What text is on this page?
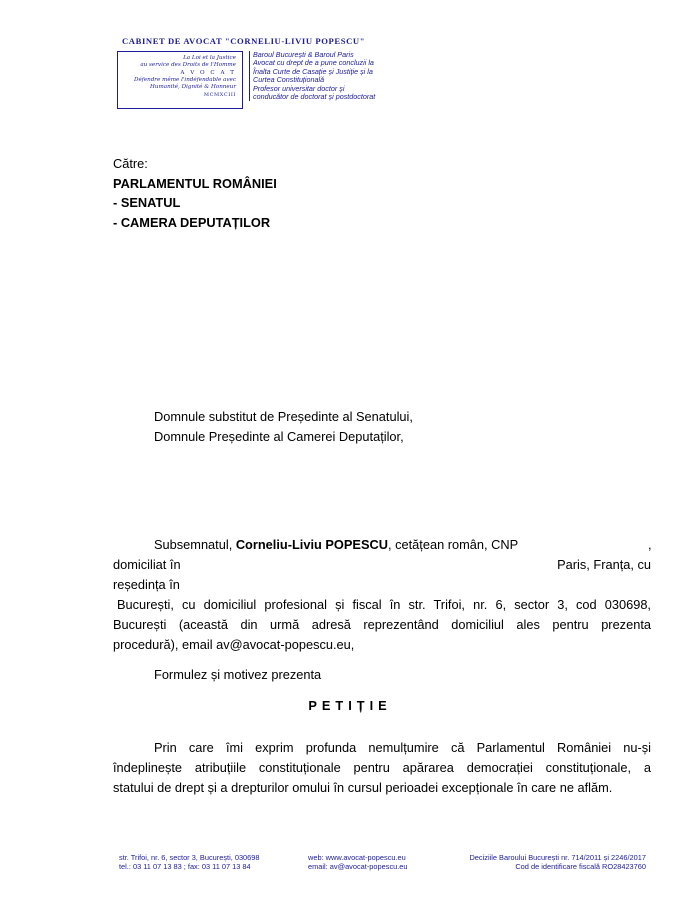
CABINET DE AVOCAT "CORNELIU-LIVIU POPESCU"
La Loi et la Justice
au service des Droits de l'Homme
A V O C A T
Défendre même l'indéfendable avec
Humanité, Dignité & Honneur
MCMXCIII
Baroul București & Baroul Paris
Avocat cu drept de a pune concluzii la
Înalta Curte de Casație și Justiție și la
Curtea Constituțională
Profesor universitar doctor și
conducător de doctorat și postdoctorat
Către:
PARLAMENTUL ROMÂNIEI
- SENATUL
- CAMERA DEPUTAȚILOR
Domnule substitut de Președinte al Senatului,
Domnule Președinte al Camerei Deputaților,
Subsemnatul, Corneliu-Liviu POPESCU, cetățean român, CNP	,
domiciliat în	Paris, Franța, cu
reședința în
București, cu domiciliul profesional și fiscal în str. Trifoi, nr. 6, sector 3, cod 030698,
București (această din urmă adresă reprezentând domiciliul ales pentru prezenta
procedură), email av@avocat-popescu.eu,
Formulez și motivez prezenta
PETIȚIE
Prin care îmi exprim profunda nemulțumire că Parlamentul României nu-și
îndeplinește atribuțiile constituționale pentru apărarea democrației constituționale, a
statului de drept și a drepturilor omului în cursul perioadei excepționale în care ne aflăm.
str. Trifoi, nr. 6, sector 3, București, 030698
tel.: 03 11 07 13 83 ; fax: 03 11 07 13 84
web: www.avocat-popescu.eu
email: av@avocat-popescu.eu
Deciziile Baroului București nr. 714/2011 și 2246/2017
Cod de identificare fiscală RO28423760
